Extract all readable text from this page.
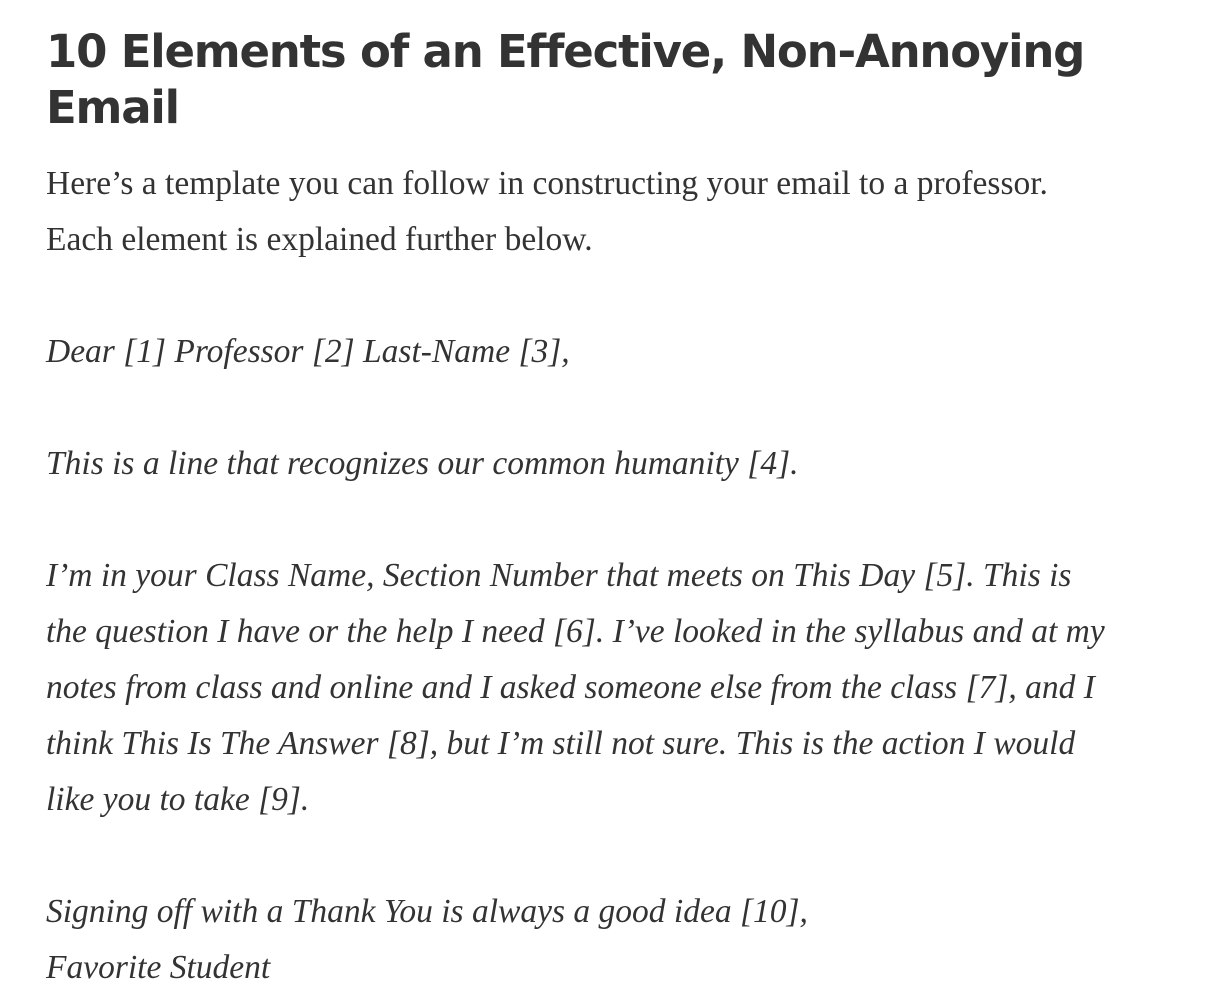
10 Elements of an Effective, Non-Annoying Email

Here’s a template you can follow in constructing your email to a professor.
Each element is explained further below.

Dear [1] Professor [2] Last-Name [3],

This is a line that recognizes our common humanity [4].

I’m in your Class Name, Section Number that meets on This Day [5]. This is
the question I have or the help I need [6]. I’ve looked in the syllabus and at my
notes from class and online and I asked someone else from the class [7], and I
think This Is The Answer [8], but I’m still not sure. This is the action I would
like you to take [9].

Signing off with a Thank You is always a good idea [10],
Favorite Student
